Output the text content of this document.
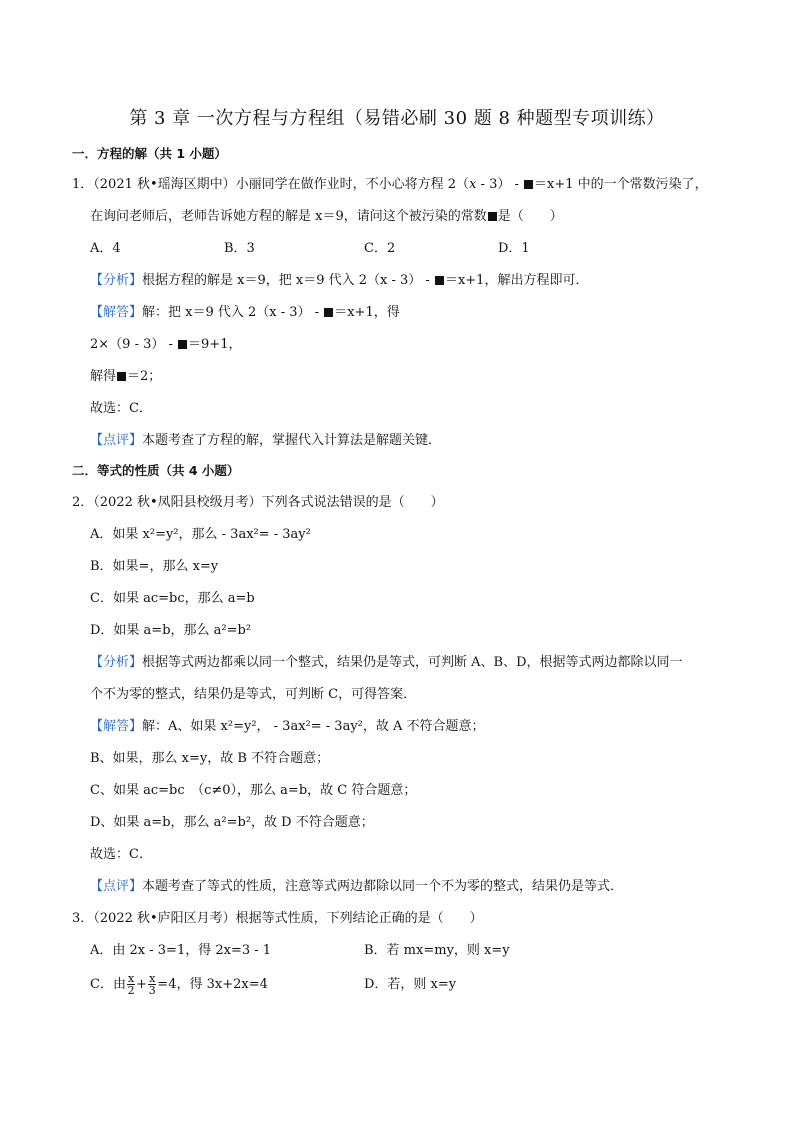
第 3 章 一次方程与方程组（易错必刷 30 题 8 种题型专项训练）
一．方程的解（共 1 小题）
1．（2021 秋•瑶海区期中）小丽同学在做作业时，不小心将方程 2（x - 3） - ＝x+1 中的一个常数污染了，
在询问老师后，老师告诉她方程的解是 x＝9，请问这个被污染的常数 是（　　）
A．4	B．3	C．2	D．1
【分析】根据方程的解是 x＝9，把 x＝9 代入 2（x - 3） - ＝x+1，解出方程即可．
【解答】解：把 x＝9 代入 2（x - 3） - ＝x+1，得
2×（9 - 3） - ＝9+1，
解得 ＝2；
故选：C．
【点评】本题考查了方程的解，掌握代入计算法是解题关键．
二．等式的性质（共 4 小题）
2．（2022 秋•凤阳县校级月考）下列各式说法错误的是（　　）
A．如果 x²=y²，那么 - 3ax²= - 3ay²
B．如果=，那么 x=y
C．如果 ac=bc，那么 a=b
D．如果 a=b，那么 a²=b²
【分析】根据等式两边都乘以同一个整式，结果仍是等式，可判断 A、B、D，根据等式两边都除以同一
个不为零的整式，结果仍是等式，可判断 C，可得答案．
【解答】解：A、如果 x²=y²， - 3ax²= - 3ay²，故 A 不符合题意；
B、如果，那么 x=y，故 B 不符合题意；
C、如果 ac=bc　（c≠0），那么 a=b，故 C 符合题意；
D、如果 a=b，那么 a²=b²，故 D 不符合题意；
故选：C．
【点评】本题考查了等式的性质，注意等式两边都除以同一个不为零的整式，结果仍是等式．
3．（2022 秋•庐阳区月考）根据等式性质，下列结论正确的是（　　）
A．由 2x - 3=1，得 2x=3 - 1	B．若 mx=my，则 x=y
C．由 $\frac{x}{2} + \frac{x}{3} =4$，得 3x+2x=4	D．若，则 x=y
